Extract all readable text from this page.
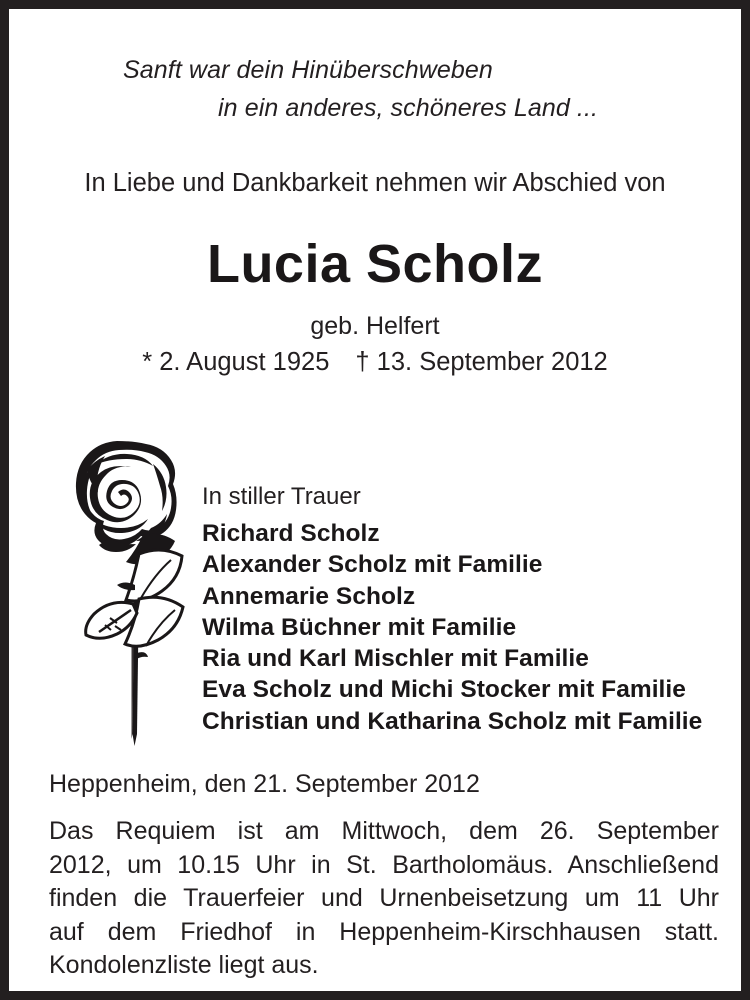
Sanft war dein Hinüberschweben
in ein anderes, schöneres Land ...
In Liebe und Dankbarkeit nehmen wir Abschied von
Lucia Scholz
geb. Helfert
* 2. August 1925 † 13. September 2012
In stiller Trauer
Richard Scholz
Alexander Scholz mit Familie
Annemarie Scholz
Wilma Büchner mit Familie
Ria und Karl Mischler mit Familie
Eva Scholz und Michi Stocker mit Familie
Christian und Katharina Scholz mit Familie
Heppenheim, den 21. September 2012
Das Requiem ist am Mittwoch, dem 26. September
2012, um 10.15 Uhr in St. Bartholomäus. Anschließend
finden die Trauerfeier und Urnenbeisetzung um 11 Uhr
auf dem Friedhof in Heppenheim-Kirschhausen statt.
Kondolenzliste liegt aus.
